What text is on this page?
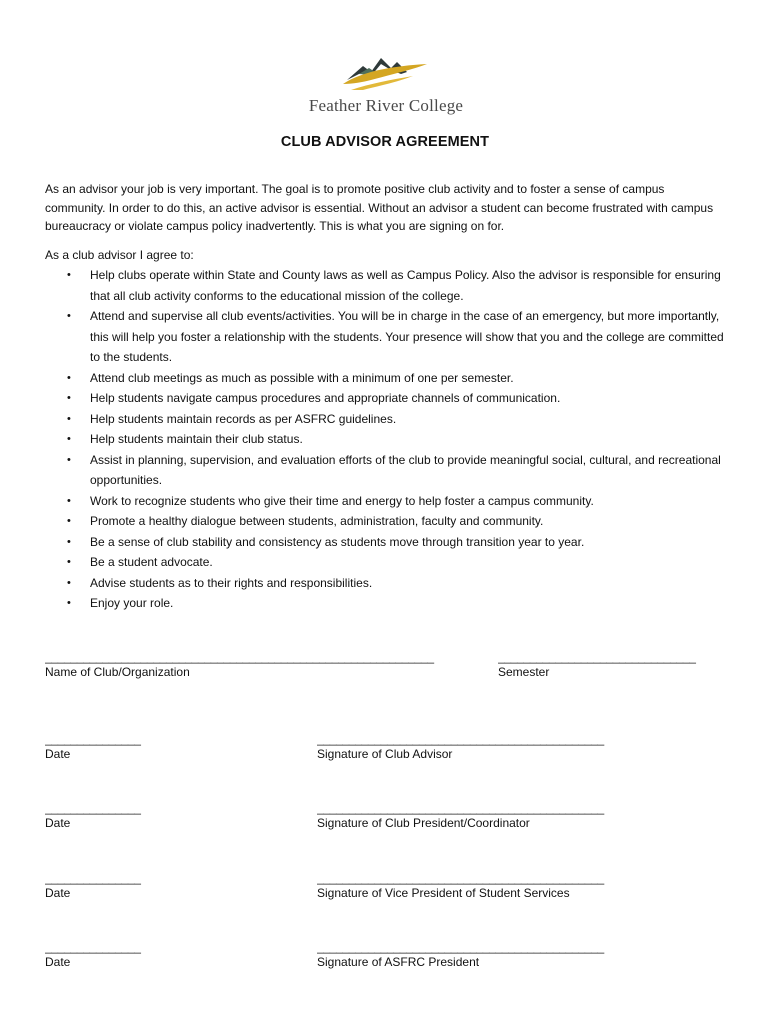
Feather River College
CLUB ADVISOR AGREEMENT
As an advisor your job is very important. The goal is to promote positive club activity and to foster a sense of campus community. In order to do this, an active advisor is essential. Without an advisor a student can become frustrated with campus bureaucracy or violate campus policy inadvertently. This is what you are signing on for.
As a club advisor I agree to:
• Help clubs operate within State and County laws as well as Campus Policy. Also the advisor is responsible for ensuring that all club activity conforms to the educational mission of the college.
• Attend and supervise all club events/activities. You will be in charge in the case of an emergency, but more importantly, this will help you foster a relationship with the students. Your presence will show that you and the college are committed to the students.
• Attend club meetings as much as possible with a minimum of one per semester.
• Help students navigate campus procedures and appropriate channels of communication.
• Help students maintain records as per ASFRC guidelines.
• Help students maintain their club status.
• Assist in planning, supervision, and evaluation efforts of the club to provide meaningful social, cultural, and recreational opportunities.
• Work to recognize students who give their time and energy to help foster a campus community.
• Promote a healthy dialogue between students, administration, faculty and community.
• Be a sense of club stability and consistency as students move through transition year to year.
• Be a student advocate.
• Advise students as to their rights and responsibilities.
• Enjoy your role.
_____________________________________________________________
Name of Club/Organization
_______________________________
Semester
_______________
Date
_____________________________________________
Signature of Club Advisor
_______________
Date
_____________________________________________
Signature of Club President/Coordinator
_______________
Date
_____________________________________________
Signature of Vice President of Student Services
_______________
Date
_____________________________________________
Signature of ASFRC President
